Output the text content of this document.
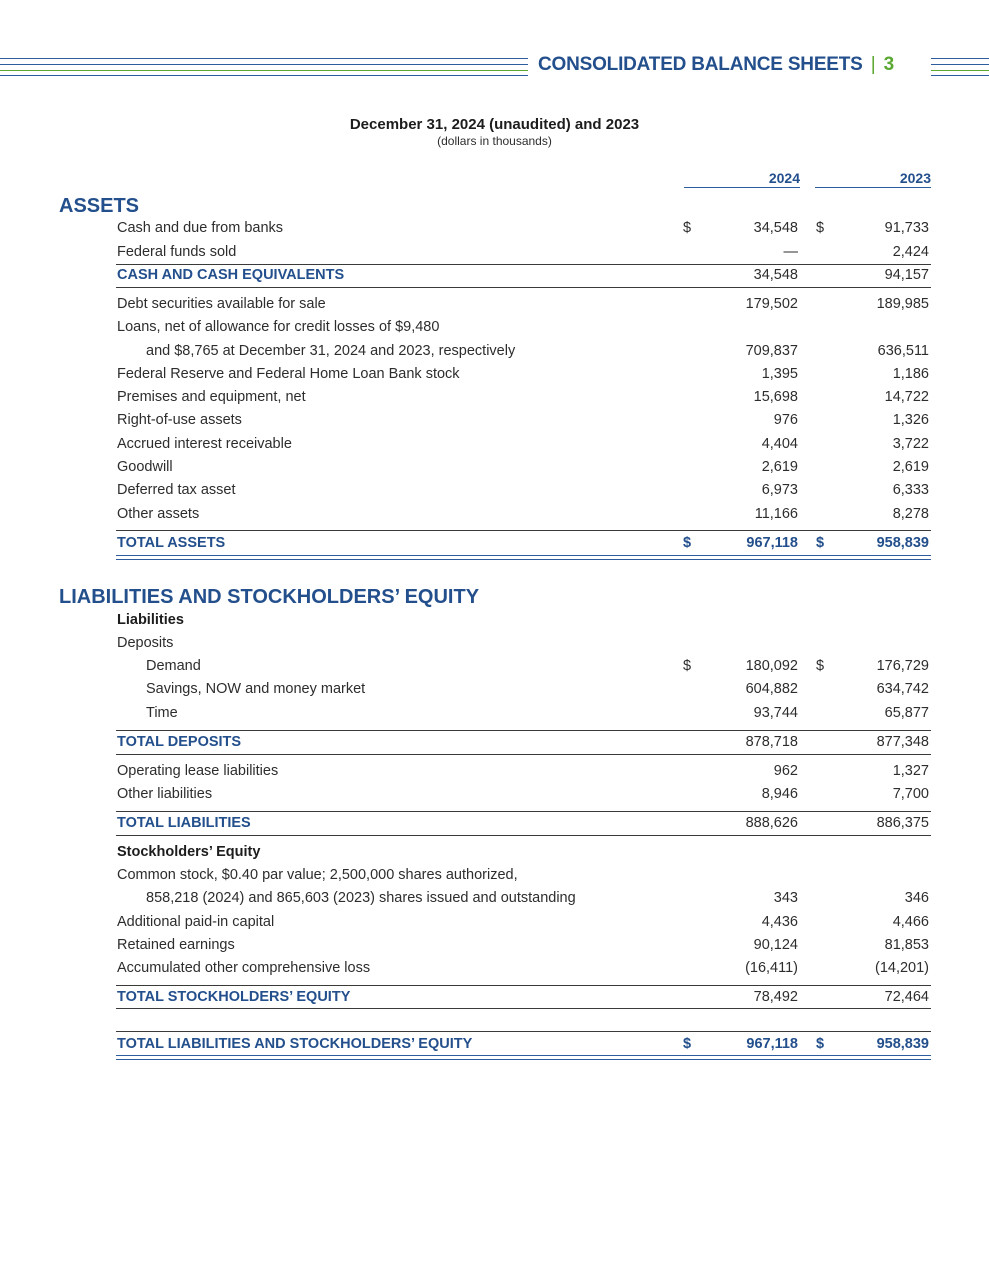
CONSOLIDATED BALANCE SHEETS | 3
December 31, 2024 (unaudited) and 2023
(dollars in thousands)
2024	2023
ASSETS
Cash and due from banks	$	34,548 $	91,733
Federal funds sold	—	2,424
CASH AND CASH EQUIVALENTS	34,548	94,157
Debt securities available for sale	179,502	189,985
Loans, net of allowance for credit losses of $9,480
and $8,765 at December 31, 2024 and 2023, respectively	709,837	636,511
Federal Reserve and Federal Home Loan Bank stock	1,395	1,186
Premises and equipment, net	15,698	14,722
Right-of-use assets	976	1,326
Accrued interest receivable	4,404	3,722
Goodwill	2,619	2,619
Deferred tax asset	6,973	6,333
Other assets	11,166	8,278
TOTAL ASSETS	$	967,118 $	958,839
LIABILITIES AND STOCKHOLDERS’ EQUITY
Liabilities
Deposits
Demand	$	180,092 $	176,729
Savings, NOW and money market	604,882	634,742
Time	93,744	65,877
TOTAL DEPOSITS	878,718	877,348
Operating lease liabilities	962	1,327
Other liabilities	8,946	7,700
TOTAL LIABILITIES	888,626	886,375
Stockholders’ Equity
Common stock, $0.40 par value; 2,500,000 shares authorized,
858,218 (2024) and 865,603 (2023) shares issued and outstanding	343	346
Additional paid-in capital	4,436	4,466
Retained earnings	90,124	81,853
Accumulated other comprehensive loss	(16,411)	(14,201)
TOTAL STOCKHOLDERS’ EQUITY	78,492	72,464
TOTAL LIABILITIES AND STOCKHOLDERS’ EQUITY	$	967,118 $	958,839
